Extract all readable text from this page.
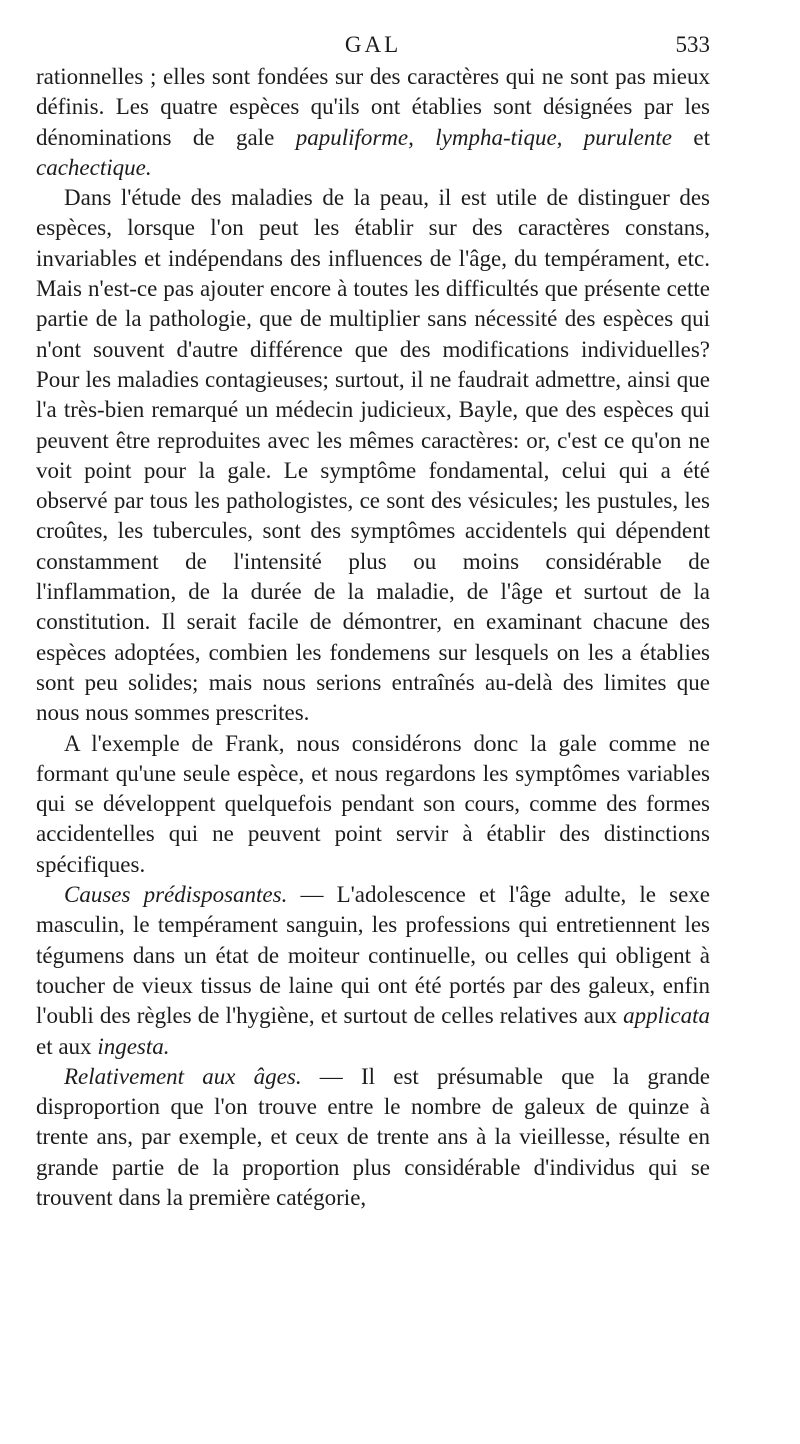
GAL	533

rationnelles ; elles sont fondées sur des caractères qui ne sont pas mieux définis. Les quatre espèces qu'ils ont établies sont désignées par les dénominations de gale papuliforme, lympha-tique, purulente et cachectique.

Dans l'étude des maladies de la peau, il est utile de distinguer des espèces, lorsque l'on peut les établir sur des caractères constans, invariables et indépendans des influences de l'âge, du tempérament, etc. Mais n'est-ce pas ajouter encore à toutes les difficultés que présente cette partie de la pathologie, que de multiplier sans nécessité des espèces qui n'ont souvent d'autre différence que des modifications individuelles? Pour les maladies contagieuses; surtout, il ne faudrait admettre, ainsi que l'a très-bien remarqué un médecin judicieux, Bayle, que des espèces qui peuvent être reproduites avec les mêmes caractères: or, c'est ce qu'on ne voit point pour la gale. Le symptôme fondamental, celui qui a été observé par tous les pathologistes, ce sont des vésicules; les pustules, les croûtes, les tubercules, sont des symptômes accidentels qui dépendent constamment de l'intensité plus ou moins considérable de l'inflammation, de la durée de la maladie, de l'âge et surtout de la constitution. Il serait facile de démontrer, en examinant chacune des espèces adoptées, combien les fondemens sur lesquels on les a établies sont peu solides; mais nous serions entraînés au-delà des limites que nous nous sommes prescrites.

A l'exemple de Frank, nous considérons donc la gale comme ne formant qu'une seule espèce, et nous regardons les symptômes variables qui se développent quelquefois pendant son cours, comme des formes accidentelles qui ne peuvent point servir à établir des distinctions spécifiques.

Causes prédisposantes. — L'adolescence et l'âge adulte, le sexe masculin, le tempérament sanguin, les professions qui entretiennent les tégumens dans un état de moiteur continuelle, ou celles qui obligent à toucher de vieux tissus de laine qui ont été portés par des galeux, enfin l'oubli des règles de l'hygiène, et surtout de celles relatives aux applicata et aux ingesta.

Relativement aux âges. — Il est présumable que la grande disproportion que l'on trouve entre le nombre de galeux de quinze à trente ans, par exemple, et ceux de trente ans à la vieillesse, résulte en grande partie de la proportion plus considérable d'individus qui se trouvent dans la première catégorie,
